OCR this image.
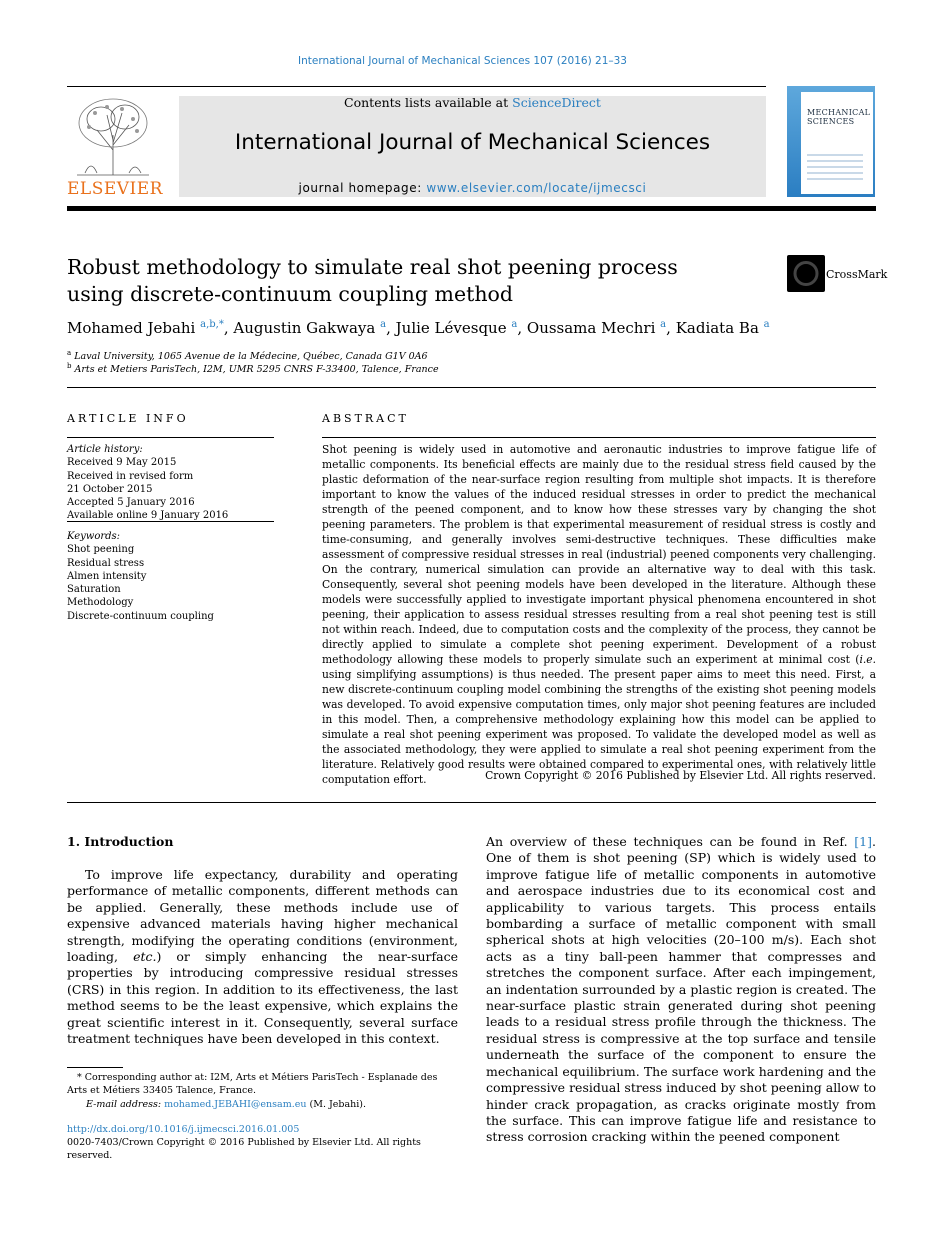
International Journal of Mechanical Sciences 107 (2016) 21–33
ELSEVIER
Contents lists available at ScienceDirect
International Journal of Mechanical Sciences
journal homepage: www.elsevier.com/locate/ijmecsci
MECHANICAL SCIENCES
Robust methodology to simulate real shot peening process
using discrete-continuum coupling method
CrossMark
Mohamed Jebahi $^{a,b,*}$, Augustin Gakwaya $^a$, Julie Lévesque $^a$, Oussama Mechri $^a$, Kadiata Ba $^a$
$^a$ Laval University, 1065 Avenue de la Médecine, Québec, Canada G1V 0A6
$^b$ Arts et Metiers ParisTech, I2M, UMR 5295 CNRS F-33400, Talence, France
ARTICLE INFO
Article history:
Received 9 May 2015
Received in revised form
21 October 2015
Accepted 5 January 2016
Available online 9 January 2016
Keywords:
Shot peening
Residual stress
Almen intensity
Saturation
Methodology
Discrete-continuum coupling
ABSTRACT
Shot peening is widely used in automotive and aeronautic industries to improve fatigue life of metallic components. Its beneficial effects are mainly due to the residual stress field caused by the plastic deformation of the near-surface region resulting from multiple shot impacts. It is therefore important to know the values of the induced residual stresses in order to predict the mechanical strength of the peened component, and to know how these stresses vary by changing the shot peening parameters. The problem is that experimental measurement of residual stress is costly and time-consuming, and generally involves semi-destructive techniques. These difficulties make assessment of compressive residual stresses in real (industrial) peened components very challenging. On the contrary, numerical simulation can provide an alternative way to deal with this task. Consequently, several shot peening models have been developed in the literature. Although these models were successfully applied to investigate important physical phenomena encountered in shot peening, their application to assess residual stresses resulting from a real shot peening test is still not within reach. Indeed, due to computation costs and the complexity of the process, they cannot be directly applied to simulate a complete shot peening experiment. Development of a robust methodology allowing these models to properly simulate such an experiment at minimal cost (i.e. using simplifying assumptions) is thus needed. The present paper aims to meet this need. First, a new discrete-continuum coupling model combining the strengths of the existing shot peening models was developed. To avoid expensive computation times, only major shot peening features are included in this model. Then, a comprehensive methodology explaining how this model can be applied to simulate a real shot peening experiment was proposed. To validate the developed model as well as the associated methodology, they were applied to simulate a real shot peening experiment from the literature. Relatively good results were obtained compared to experimental ones, with relatively little computation effort.	Crown Copyright © 2016 Published by Elsevier Ltd. All rights reserved.
1. Introduction
To improve life expectancy, durability and operating performance of metallic components, different methods can be applied. Generally, these methods include use of expensive advanced materials having higher mechanical strength, modifying the operating conditions (environment, loading, etc.) or simply enhancing the near-surface properties by introducing compressive residual stresses (CRS) in this region. In addition to its effectiveness, the last method seems to be the least expensive, which explains the great scientific interest in it. Consequently, several surface treatment techniques have been developed in this context.
An overview of these techniques can be found in Ref. [1]. One of them is shot peening (SP) which is widely used to improve fatigue life of metallic components in automotive and aerospace industries due to its economical cost and applicability to various targets. This process entails bombarding a surface of metallic component with small spherical shots at high velocities (20–100 m/s). Each shot acts as a tiny ball-peen hammer that compresses and stretches the component surface. After each impingement, an indentation surrounded by a plastic region is created. The near-surface plastic strain generated during shot peening leads to a residual stress profile through the thickness. The residual stress is compressive at the top surface and tensile underneath the surface of the component to ensure the mechanical equilibrium. The surface work hardening and the compressive residual stress induced by shot peening allow to hinder crack propagation, as cracks originate mostly from the surface. This can improve fatigue life and resistance to stress corrosion cracking within the peened component
* Corresponding author at: I2M, Arts et Métiers ParisTech - Esplanade des Arts et Métiers 33405 Talence, France.
E-mail address: mohamed.JEBAHI@ensam.eu (M. Jebahi).
http://dx.doi.org/10.1016/j.ijmecsci.2016.01.005
0020-7403/Crown Copyright © 2016 Published by Elsevier Ltd. All rights reserved.
